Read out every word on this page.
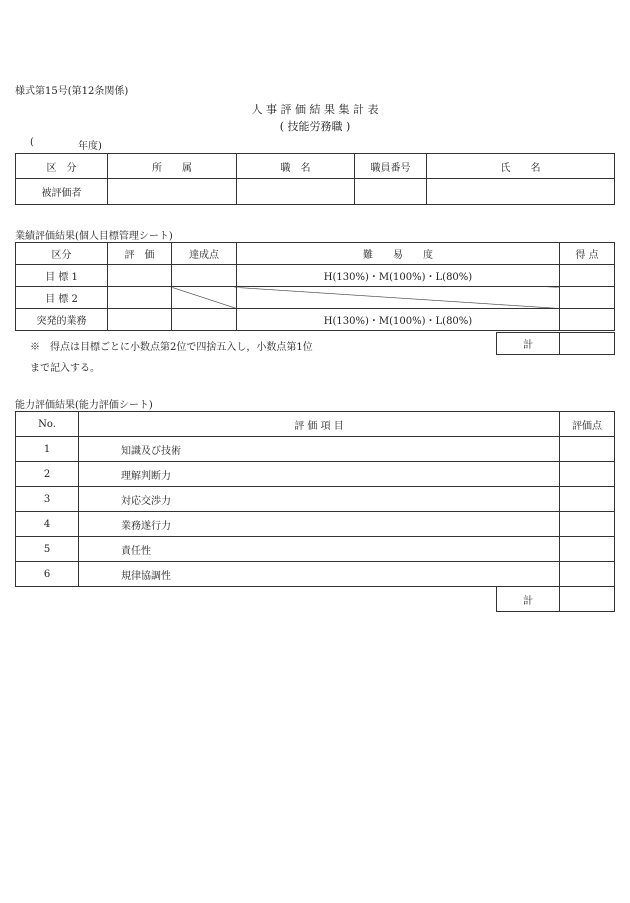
様式第15号(第12条関係)
人 事 評 価 結 果 集 計 表
( 技能労務職 )
(	年度)
区　分	所　　属	職　名	職員番号	氏　　名
被評価者				
業績評価結果(個人目標管理シート)
区分	評　価	達成点	難　　易　　度	得 点
目 標 1			H(130%)・M(100%)・L(80%)	
目 標 2				
突発的業務			H(130%)・M(100%)・L(80%)	
※　得点は目標ごとに小数点第2位で四捨五入し，小数点第1位
まで記入する。
計	
能力評価結果(能力評価シート)
No.	評 価 項 目	評価点
1	知識及び技術	
2	理解判断力	
3	対応交渉力	
4	業務遂行力	
5	責任性	
6	規律協調性	
計	
